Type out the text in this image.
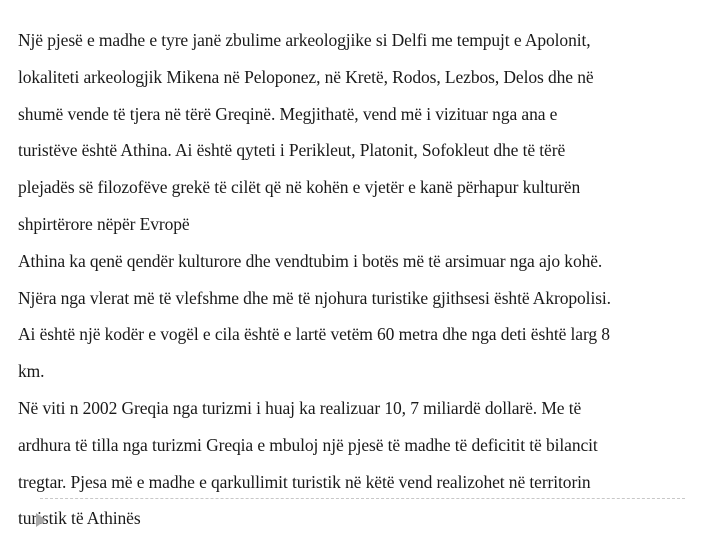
Një pjesë e madhe e tyre janë zbulime arkeologjike si Delfi me tempujt e Apolonit,
lokaliteti arkeologjik Mikena në Peloponez, në Kretë, Rodos, Lezbos, Delos dhe në
shumë vende të tjera në tërë Greqinë. Megjithatë, vend më i vizituar nga ana e
turistëve është Athina. Ai është qyteti i Perikleut, Platonit, Sofokleut dhe të tërë
plejadës së filozofëve grekë të cilët që në kohën e vjetër e kanë përhapur kulturën
shpirtërore nëpër Evropë
Athina ka qenë qendër kulturore dhe vendtubim i botës më të arsimuar nga ajo kohë.
Njëra nga vlerat më të vlefshme dhe më të njohura turistike gjithsesi është Akropolisi.
Ai është një kodër e vogël e cila është e lartë vetëm 60 metra dhe nga deti është larg 8
km.
Në viti n 2002 Greqia nga turizmi i huaj ka realizuar 10, 7 miliardë dollarë. Me të
ardhura të tilla nga turizmi Greqia e mbuloj një pjesë të madhe të deficitit të bilancit
tregtar. Pjesa më e madhe e qarkullimit turistik në këtë vend realizohet në territorin
turistik të Athinës
